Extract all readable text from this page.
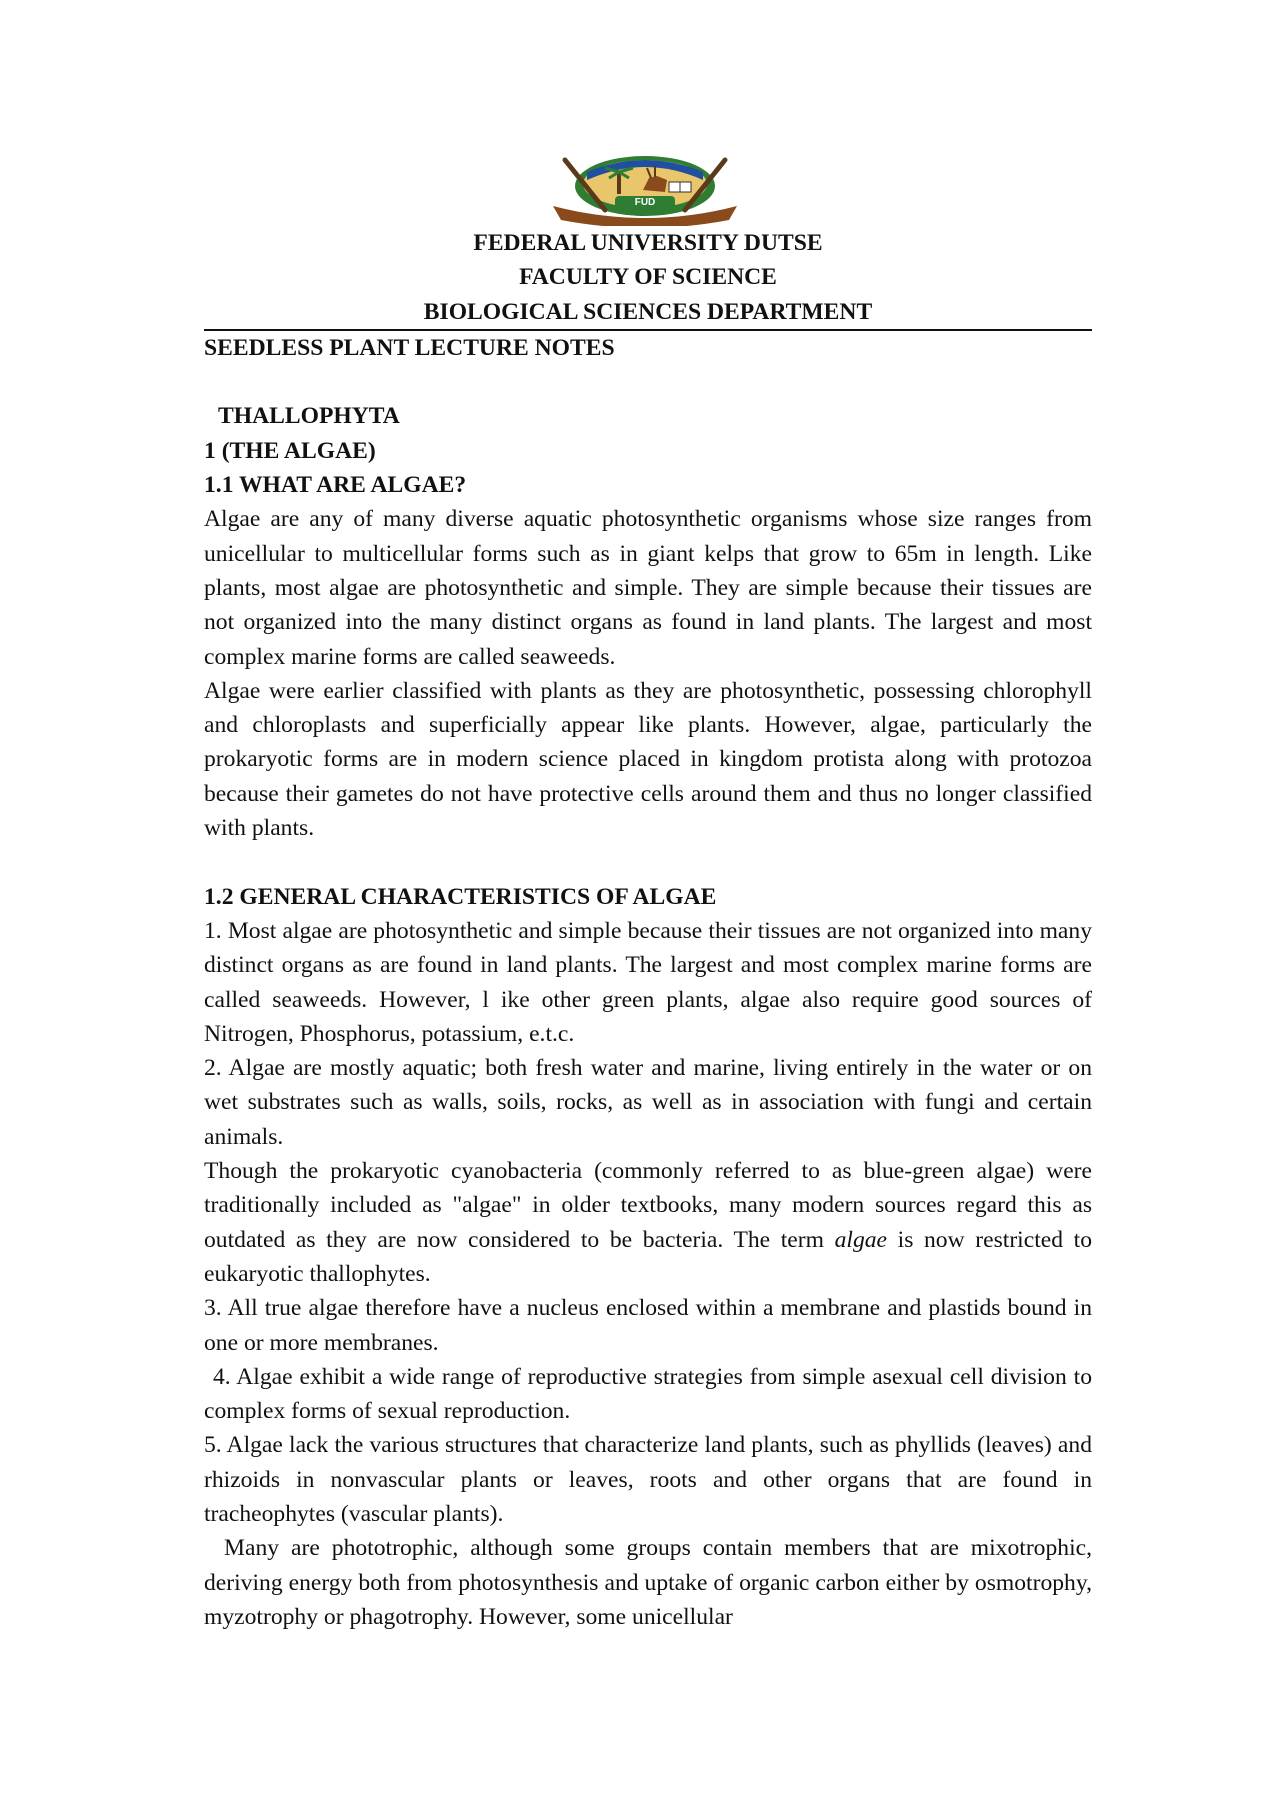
FUD
FEDERAL UNIVERSITY DUTSE
FACULTY OF SCIENCE
BIOLOGICAL SCIENCES DEPARTMENT
SEEDLESS PLANT LECTURE NOTES
THALLOPHYTA
1 (THE ALGAE)
1.1 WHAT ARE ALGAE?

Algae are any of many diverse aquatic photosynthetic organisms whose size ranges from unicellular to multicellular forms such as in giant kelps that grow to 65m in length. Like plants, most algae are photosynthetic and simple. They are simple because their tissues are not organized into the many distinct organs as found in land plants. The largest and most complex marine forms are called seaweeds.

Algae were earlier classified with plants as they are photosynthetic, possessing chlorophyll and chloroplasts and superficially appear like plants. However, algae, particularly the prokaryotic forms are in modern science placed in kingdom protista along with protozoa because their gametes do not have protective cells around them and thus no longer classified with plants.

1.2 GENERAL CHARACTERISTICS OF ALGAE

1. Most algae are photosynthetic and simple because their tissues are not organized into many distinct organs as are found in land plants. The largest and most complex marine forms are called seaweeds. However, l ike other green plants, algae also require good sources of Nitrogen, Phosphorus, potassium, e.t.c.

2. Algae are mostly aquatic; both fresh water and marine, living entirely in the water or on wet substrates such as walls, soils, rocks, as well as in association with fungi and certain animals.

Though the prokaryotic cyanobacteria (commonly referred to as blue-green algae) were traditionally included as "algae" in older textbooks, many modern sources regard this as outdated as they are now considered to be bacteria. The term algae is now restricted to eukaryotic thallophytes.

3. All true algae therefore have a nucleus enclosed within a membrane and plastids bound in one or more membranes.

4. Algae exhibit a wide range of reproductive strategies from simple asexual cell division to complex forms of sexual reproduction.

5. Algae lack the various structures that characterize land plants, such as phyllids (leaves) and rhizoids in nonvascular plants or leaves, roots and other organs that are found in tracheophytes (vascular plants).

Many are phototrophic, although some groups contain members that are mixotrophic, deriving energy both from photosynthesis and uptake of organic carbon either by osmotrophy, myzotrophy or phagotrophy. However, some unicellular
